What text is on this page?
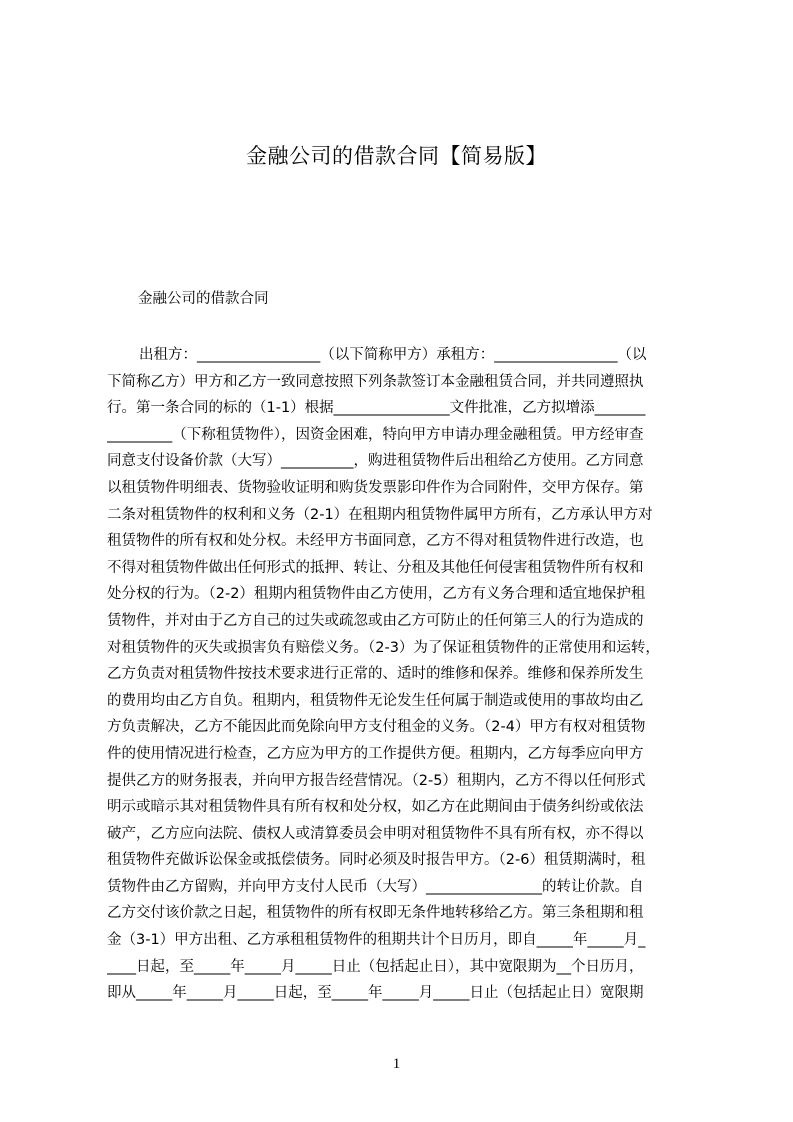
金融公司的借款合同【简易版】
金融公司的借款合同
出租方：_________________（以下简称甲方）承租方：_________________（以
下简称乙方）甲方和乙方一致同意按照下列条款签订本金融租赁合同，并共同遵照执
行。第一条合同的标的（1-1）根据________________文件批准，乙方拟增添_______
_________（下称租赁物件），因资金困难，特向甲方申请办理金融租赁。甲方经审查
同意支付设备价款（大写）__________，购进租赁物件后出租给乙方使用。乙方同意
以租赁物件明细表、货物验收证明和购货发票影印件作为合同附件，交甲方保存。第
二条对租赁物件的权利和义务（2-1）在租期内租赁物件属甲方所有，乙方承认甲方对
租赁物件的所有权和处分权。未经甲方书面同意，乙方不得对租赁物件进行改造，也
不得对租赁物件做出任何形式的抵押、转让、分租及其他任何侵害租赁物件所有权和
处分权的行为。（2-2）租期内租赁物件由乙方使用，乙方有义务合理和适宜地保护租
赁物件，并对由于乙方自己的过失或疏忽或由乙方可防止的任何第三人的行为造成的
对租赁物件的灭失或损害负有赔偿义务。（2-3）为了保证租赁物件的正常使用和运转，
乙方负责对租赁物件按技术要求进行正常的、适时的维修和保养。维修和保养所发生
的费用均由乙方自负。租期内，租赁物件无论发生任何属于制造或使用的事故均由乙
方负责解决，乙方不能因此而免除向甲方支付租金的义务。（2-4）甲方有权对租赁物
件的使用情况进行检查，乙方应为甲方的工作提供方便。租期内，乙方每季应向甲方
提供乙方的财务报表，并向甲方报告经营情况。（2-5）租期内，乙方不得以任何形式
明示或暗示其对租赁物件具有所有权和处分权，如乙方在此期间由于债务纠纷或依法
破产，乙方应向法院、债权人或清算委员会申明对租赁物件不具有所有权，亦不得以
租赁物件充做诉讼保金或抵偿债务。同时必须及时报告甲方。（2-6）租赁期满时，租
赁物件由乙方留购，并向甲方支付人民币（大写）________________的转让价款。自
乙方交付该价款之日起，租赁物件的所有权即无条件地转移给乙方。第三条租期和租
金（3-1）甲方出租、乙方承租租赁物件的租期共计个日历月，即自_____年_____月_
____日起，至_____年_____月_____日止（包括起止日），其中宽限期为__个日历月，
即从_____年_____月_____日起，至_____年_____月_____日止（包括起止日）宽限期
1
